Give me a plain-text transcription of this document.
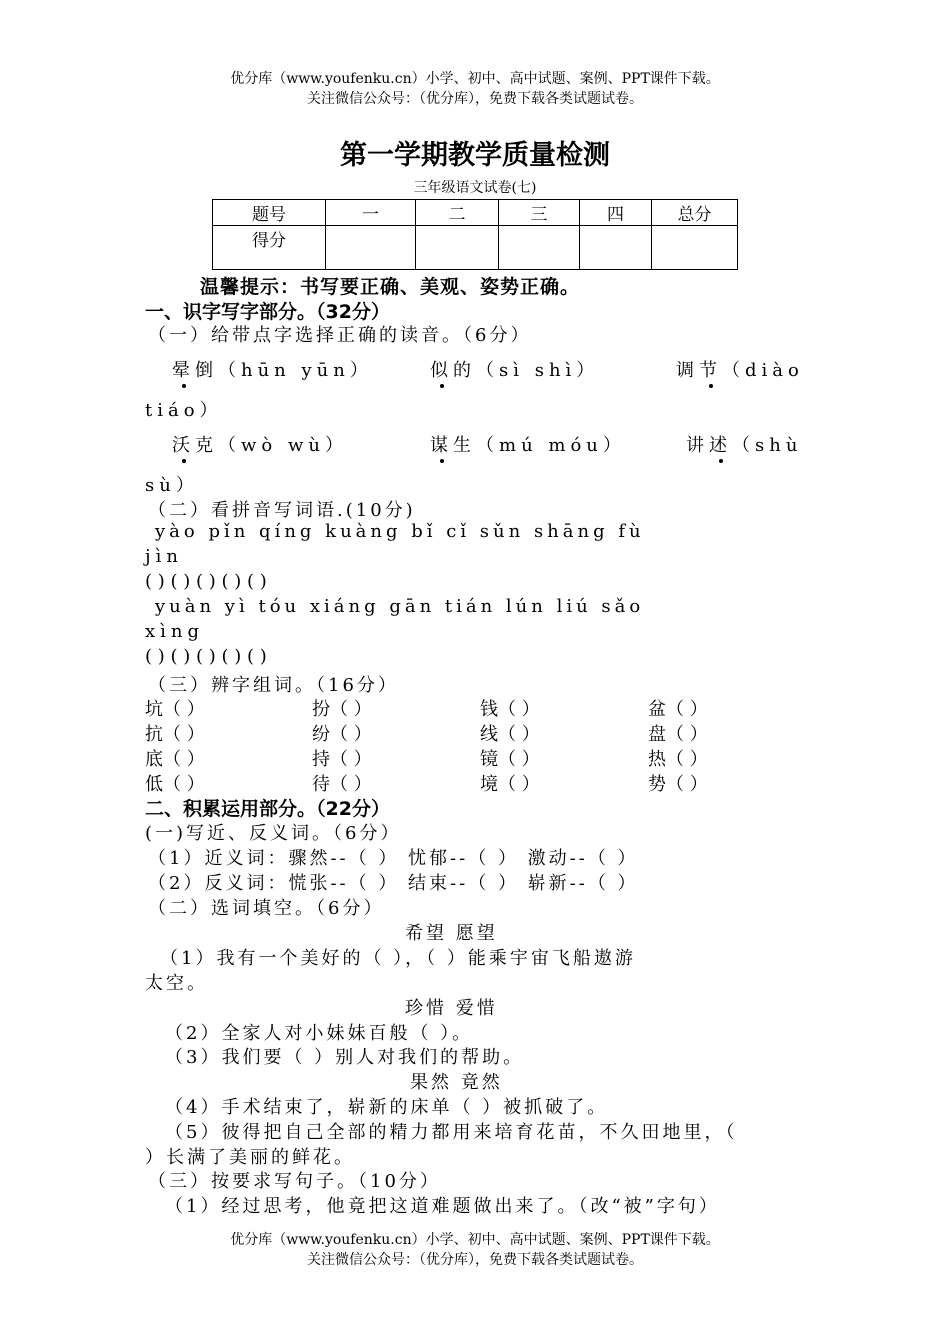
优分库（www.youfenku.cn）小学、初中、高中试题、案例、PPT课件下载。
关注微信公众号：（优分库），免费下载各类试题试卷。
第一学期教学质量检测
三年级语文试卷(七)
题号	一	二	三	四	总分
得分					
温馨提示：书写要正确、美观、姿势正确。
一、识字写字部分。（32分）
（一）给带点字选择正确的读音。（6分）
晕倒（hūn yūn）	似的（sì shì）	调节（diào
tiáo）
沃克（wò wù）	谋生（mú móu）	讲述（shù
sù）
（二）看拼音写词语.(10分)
yào pǐn qíng kuàng bǐ cǐ sǔn shāng fù
jìn
( ) ( ) ( ) ( ) ( )
yuàn yì tóu xiáng gān tián lún liú sǎo
xìng
( ) ( ) ( ) ( ) ( )
（三）辨字组词。（16分）
坑（ ）	扮（ ）	钱（ ）	盆（ ）
抗（ ）	纷（ ）	线（ ）	盘（ ）
底（ ）	持（ ）	镜（ ）	热（ ）
低（ ）	待（ ）	境（ ）	势（ ）
二、积累运用部分。（22分）
(一)写近、反义词。（6分）
（1）近义词：骤然--（ ） 忧郁--（ ） 激动--（ ）
（2）反义词：慌张--（ ） 结束--（ ） 崭新--（ ）
（二）选词填空。（6分）
希望 愿望
（1）我有一个美好的（ ），（ ）能乘宇宙飞船遨游
太空。
珍惜 爱惜
（2）全家人对小妹妹百般（ ）。
（3）我们要（ ）别人对我们的帮助。
果然 竟然
（4）手术结束了，崭新的床单（ ）被抓破了。
（5）彼得把自己全部的精力都用来培育花苗，不久田地里，（
）长满了美丽的鲜花。
（三）按要求写句子。（10分）
（1）经过思考，他竟把这道难题做出来了。（改“被”字句）
优分库（www.youfenku.cn）小学、初中、高中试题、案例、PPT课件下载。
关注微信公众号：（优分库），免费下载各类试题试卷。
